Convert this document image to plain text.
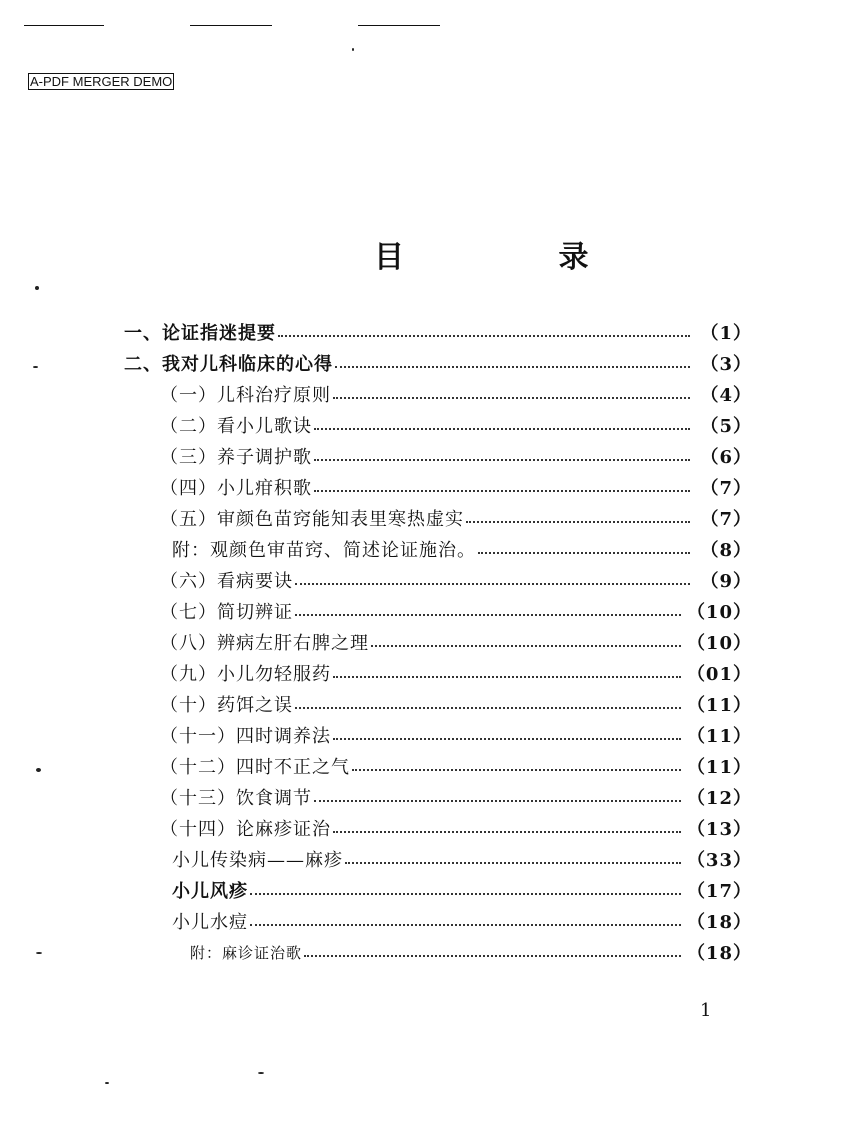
A-PDF MERGER DEMO
目 录
一、论证指迷提要	（1）
二、我对儿科临床的心得	（3）
（一）儿科治疗原则	（4）
（二）看小儿歌诀	（5）
（三）养子调护歌	（6）
（四）小儿疳积歌	（7）
（五）审颜色苗窍能知表里寒热虚实	（7）
附：观颜色审苗窍、简述论证施治。	（8）
（六）看病要诀	（9）
（七）简切辨证	（10）
（八）辨病左肝右脾之理	（10）
（九）小儿勿轻服药	（01）
（十）药饵之误	（11）
（十一）四时调养法	（11）
（十二）四时不正之气	（11）
（十三）饮食调节	（12）
（十四）论麻疹证治	（13）
小儿传染病——麻疹	（33）
小儿风疹	（17）
小儿水痘	（18）
附：麻诊证治歌	（18）
1
